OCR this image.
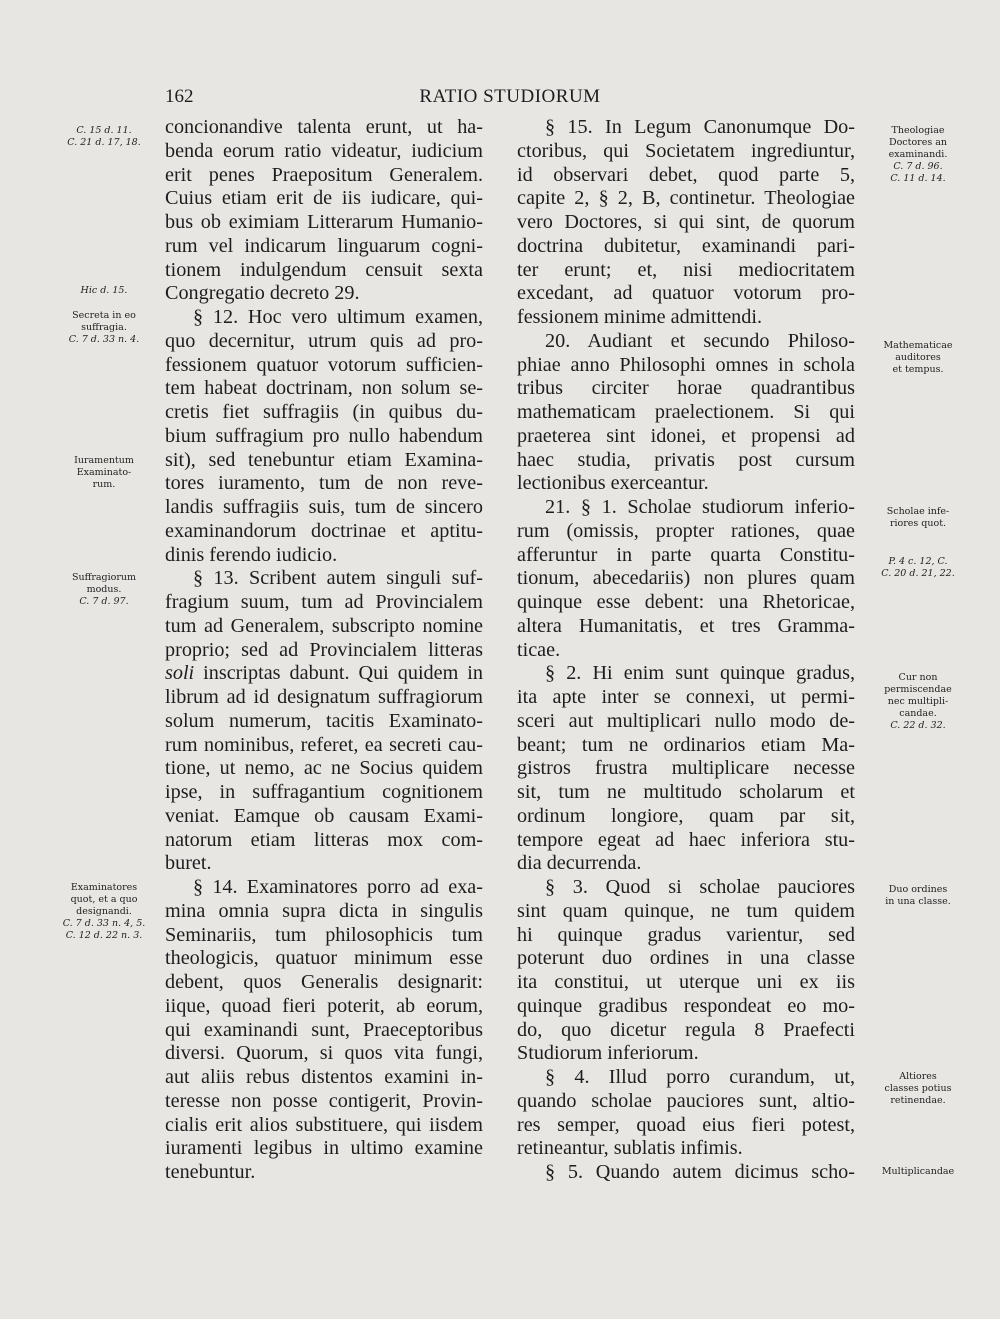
162	RATIO STUDIORUM
concionandive talenta erunt, ut ha-
benda eorum ratio videatur, iudicium
erit penes Praepositum Generalem.
Cuius etiam erit de iis iudicare, qui-
bus ob eximiam Litterarum Humanio-
rum vel indicarum linguarum cogni-
tionem indulgendum censuit sexta
Congregatio decreto 29.
§ 12. Hoc vero ultimum examen,
quo decernitur, utrum quis ad pro-
fessionem quatuor votorum sufficien-
tem habeat doctrinam, non solum se-
cretis fiet suffragiis (in quibus du-
bium suffragium pro nullo habendum
sit), sed tenebuntur etiam Examina-
tores iuramento, tum de non reve-
landis suffragiis suis, tum de sincero
examinandorum doctrinae et aptitu-
dinis ferendo iudicio.
§ 13. Scribent autem singuli suf-
fragium suum, tum ad Provincialem
tum ad Generalem, subscripto nomine
proprio; sed ad Provincialem litteras
soli inscriptas dabunt. Qui quidem in
librum ad id designatum suffragiorum
solum numerum, tacitis Examinato-
rum nominibus, referet, ea secreti cau-
tione, ut nemo, ac ne Socius quidem
ipse, in suffragantium cognitionem
veniat. Eamque ob causam Exami-
natorum etiam litteras mox com-
buret.
§ 14. Examinatores porro ad exa-
mina omnia supra dicta in singulis
Seminariis, tum philosophicis tum
theologicis, quatuor minimum esse
debent, quos Generalis designarit:
iique, quoad fieri poterit, ab eorum,
qui examinandi sunt, Praeceptoribus
diversi. Quorum, si quos vita fungi,
aut aliis rebus distentos examini in-
teresse non posse contigerit, Provin-
cialis erit alios substituere, qui iisdem
iuramenti legibus in ultimo examine
tenebuntur.
§ 15. In Legum Canonumque Do-
ctoribus, qui Societatem ingrediuntur,
id observari debet, quod parte 5,
capite 2, § 2, B, continetur. Theologiae
vero Doctores, si qui sint, de quorum
doctrina dubitetur, examinandi pari-
ter erunt; et, nisi mediocritatem
excedant, ad quatuor votorum pro-
fessionem minime admittendi.
20. Audiant et secundo Philoso-
phiae anno Philosophi omnes in schola
tribus circiter horae quadrantibus
mathematicam praelectionem. Si qui
praeterea sint idonei, et propensi ad
haec studia, privatis post cursum
lectionibus exerceantur.
21. § 1. Scholae studiorum inferio-
rum (omissis, propter rationes, quae
afferuntur in parte quarta Constitu-
tionum, abecedariis) non plures quam
quinque esse debent: una Rhetoricae,
altera Humanitatis, et tres Gramma-
ticae.
§ 2. Hi enim sunt quinque gradus,
ita apte inter se connexi, ut permi-
sceri aut multiplicari nullo modo de-
beant; tum ne ordinarios etiam Ma-
gistros frustra multiplicare necesse
sit, tum ne multitudo scholarum et
ordinum longiore, quam par sit,
tempore egeat ad haec inferiora stu-
dia decurrenda.
§ 3. Quod si scholae pauciores
sint quam quinque, ne tum quidem
hi quinque gradus varientur, sed
poterunt duo ordines in una classe
ita constitui, ut uterque uni ex iis
quinque gradibus respondeat eo mo-
do, quo dicetur regula 8 Praefecti
Studiorum inferiorum.
§ 4. Illud porro curandum, ut,
quando scholae pauciores sunt, altio-
res semper, quoad eius fieri potest,
retineantur, sublatis infimis.
§ 5. Quando autem dicimus scho-
C. 15 d. 11.
C. 21 d. 17, 18.
Hic d. 15.
Secreta in eo
suffragia.
C. 7 d. 33 n. 4.
Iuramentum
Examinato-
rum.
Suffragiorum
modus.
C. 7 d. 97.
Examinatores
quot, et a quo
designandi.
C. 7 d. 33 n. 4, 5.
C. 12 d. 22 n. 3.
Theologiae
Doctores an
examinandi.
C. 7 d. 96.
C. 11 d. 14.
Mathematicae
auditores
et tempus.
Scholae infe-
riores quot.
P. 4 c. 12, C.
C. 20 d. 21, 22.
Cur non
permiscendae
nec multipli-
candae.
C. 22 d. 32.
Duo ordines
in una classe.
Altiores
classes potius
retinendae.
Multiplicandae
